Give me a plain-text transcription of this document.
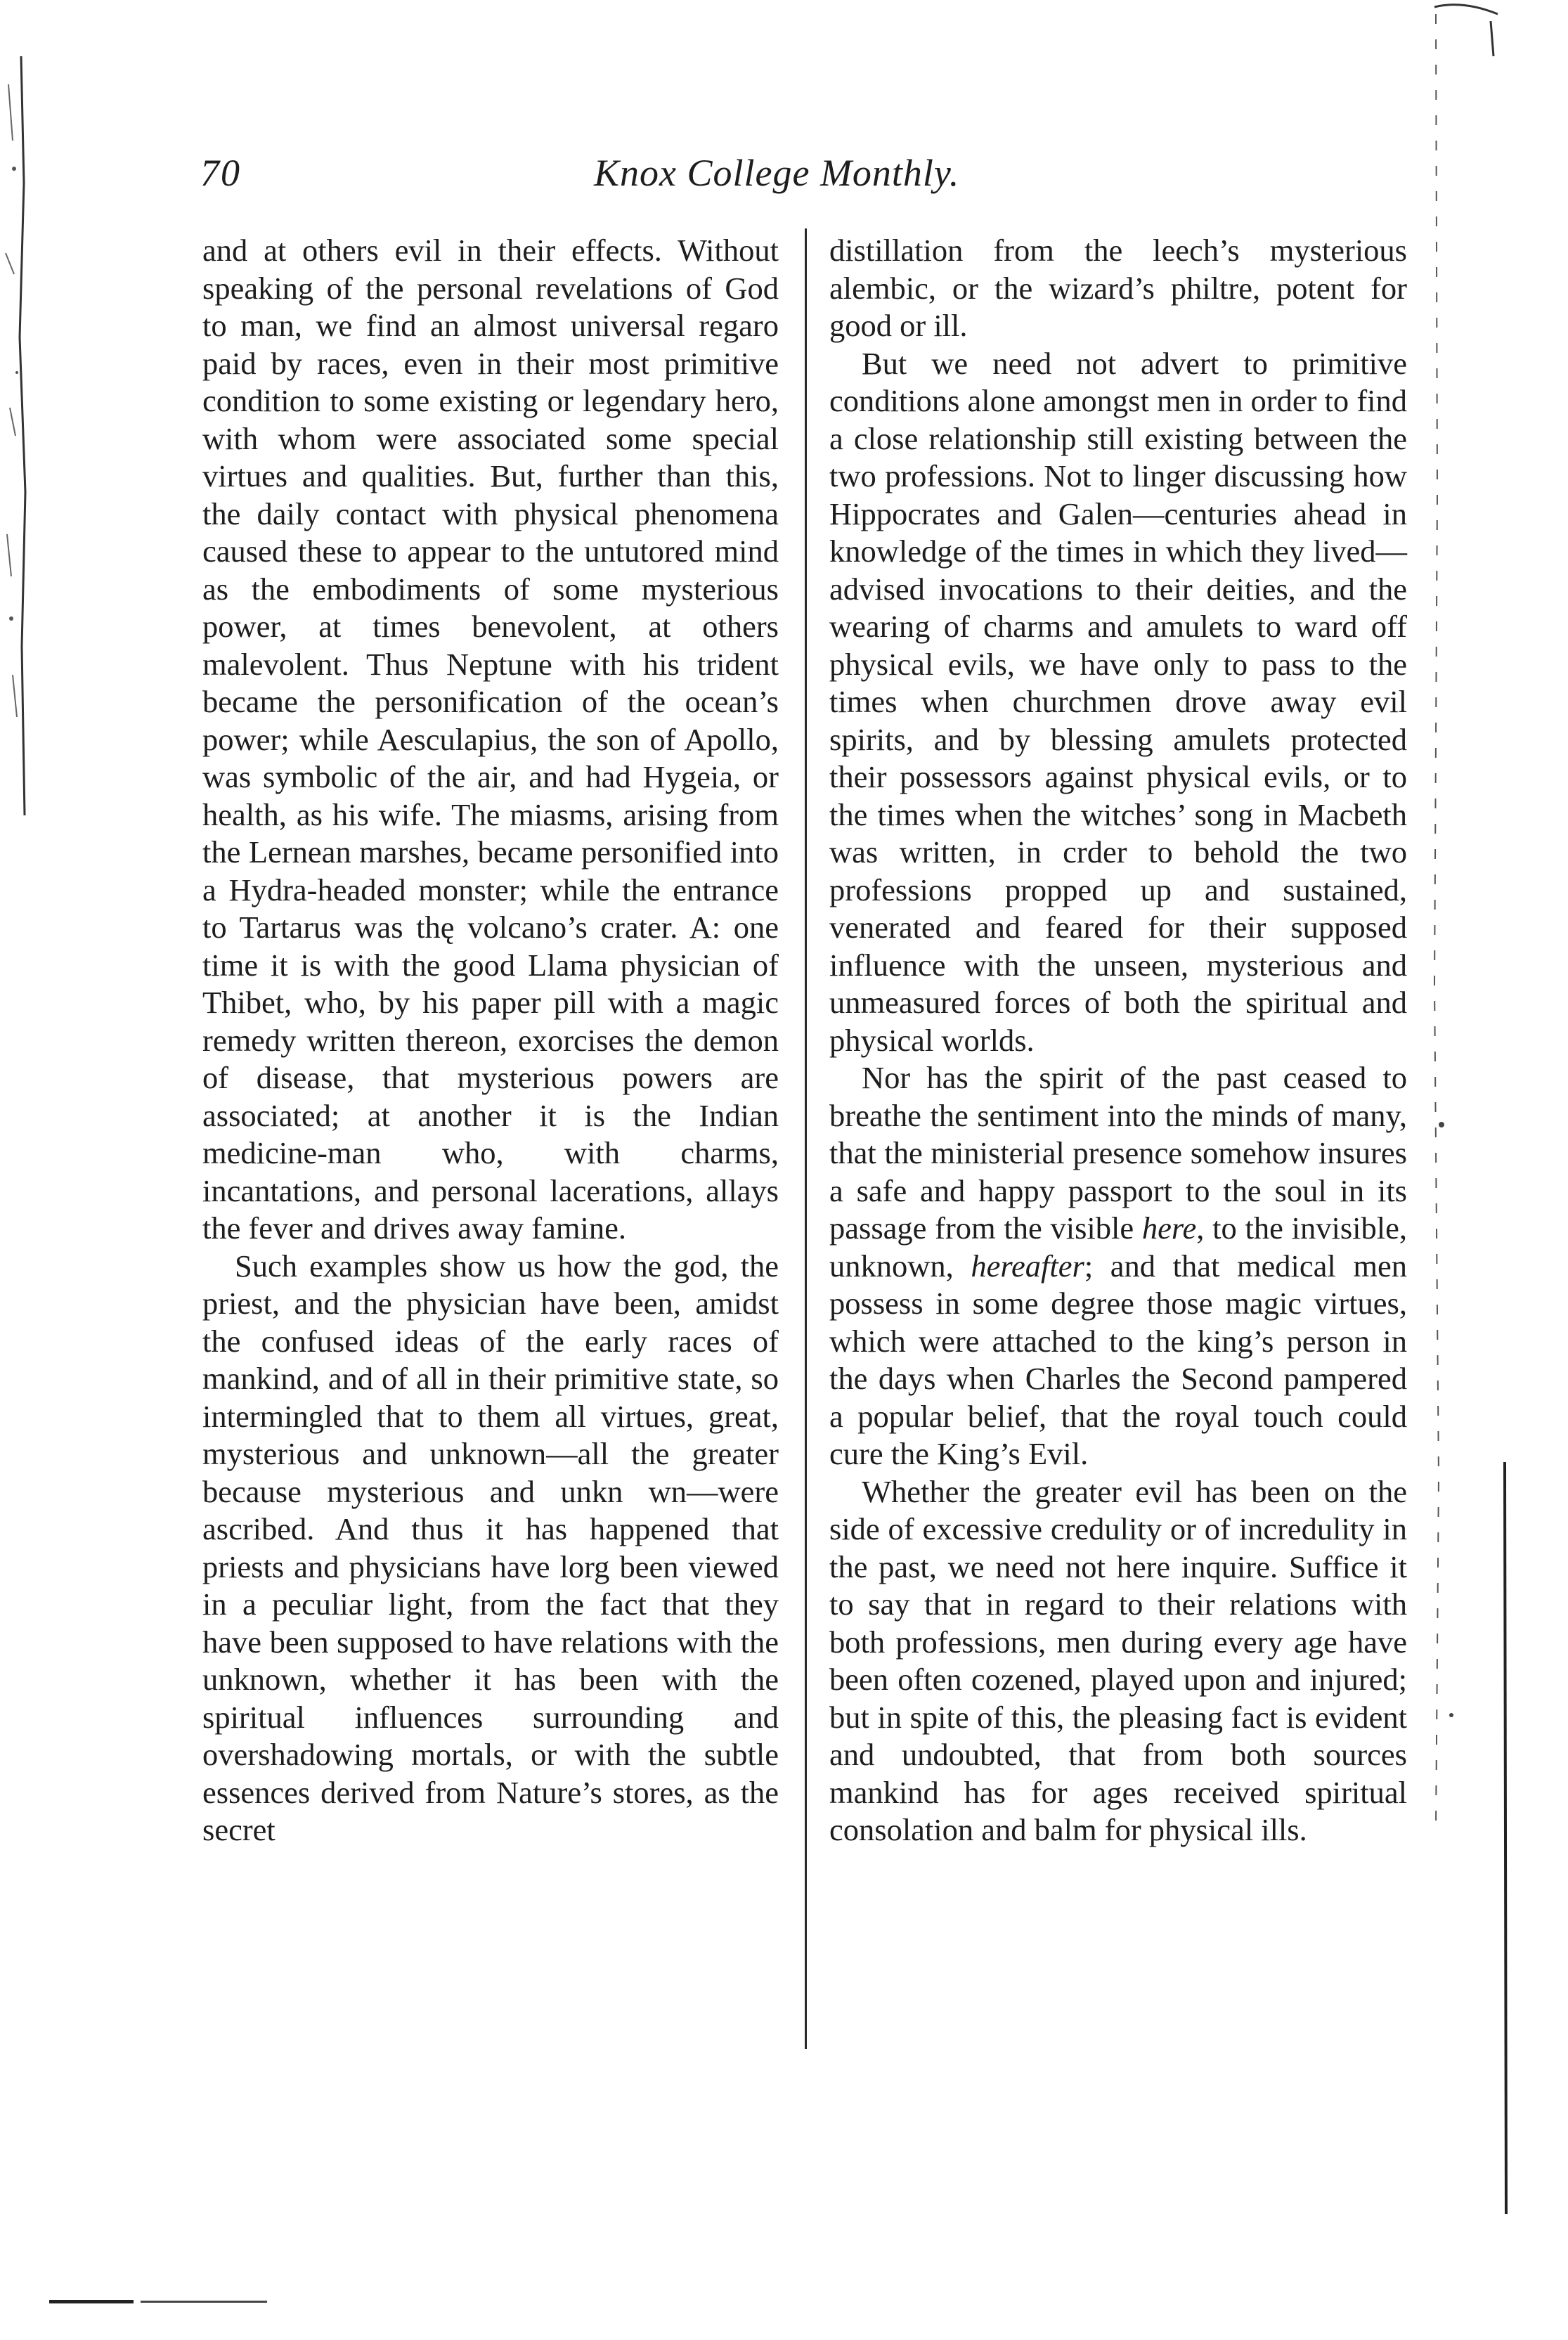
70	Knox College Monthly.

and at others evil in their effects. Without speaking of the personal revelations of God to man, we find an almost universal regaro paid by races, even in their most primitive condition to some existing or legendary hero, with whom were associated some special virtues and qualities. But, further than this, the daily contact with physical phenomena caused these to appear to the untutored mind as the embodiments of some mysterious power, at times benevolent, at others malevolent. Thus Neptune with his trident became the personification of the ocean’s power; while Aesculapius, the son of Apollo, was symbolic of the air, and had Hygeia, or health, as his wife. The miasms, arising from the Lernean marshes, became personified into a Hydra-headed monster; while the entrance to Tartarus was thę volcano’s crater. A: one time it is with the good Llama physician of Thibet, who, by his paper pill with a magic remedy written thereon, exorcises the demon of disease, that mysterious powers are associated; at another it is the Indian medicine-man who, with charms, incantations, and personal lacerations, allays the fever and drives away famine.

Such examples show us how the god, the priest, and the physician have been, amidst the confused ideas of the early races of mankind, and of all in their primitive state, so intermingled that to them all virtues, great, mysterious and unknown—all the greater because mysterious and unkn wn—were ascribed. And thus it has happened that priests and physicians have lorg been viewed in a peculiar light, from the fact that they have been supposed to have relations with the unknown, whether it has been with the spiritual influences surrounding and overshadowing mortals, or with the subtle essences derived from Nature’s stores, as the secret

distillation from the leech’s mysterious alembic, or the wizard’s philtre, potent for good or ill.

But we need not advert to primitive conditions alone amongst men in order to find a close relationship still existing between the two professions. Not to linger discussing how Hippocrates and Galen—centuries ahead in knowledge of the times in which they lived—advised invocations to their deities, and the wearing of charms and amulets to ward off physical evils, we have only to pass to the times when churchmen drove away evil spirits, and by blessing amulets protected their possessors against physical evils, or to the times when the witches’ song in Macbeth was written, in crder to behold the two professions propped up and sustained, venerated and feared for their supposed influence with the unseen, mysterious and unmeasured forces of both the spiritual and physical worlds.

Nor has the spirit of the past ceased to breathe the sentiment into the minds of many, that the ministerial presence somehow insures a safe and happy passport to the soul in its passage from the visible here, to the invisible, unknown, hereafter; and that medical men possess in some degree those magic virtues, which were attached to the king’s person in the days when Charles the Second pampered a popular belief, that the royal touch could cure the King’s Evil.

Whether the greater evil has been on the side of excessive credulity or of incredulity in the past, we need not here inquire. Suffice it to say that in regard to their relations with both professions, men during every age have been often cozened, played upon and injured; but in spite of this, the pleasing fact is evident and undoubted, that from both sources mankind has for ages received spiritual consolation and balm for physical ills.
